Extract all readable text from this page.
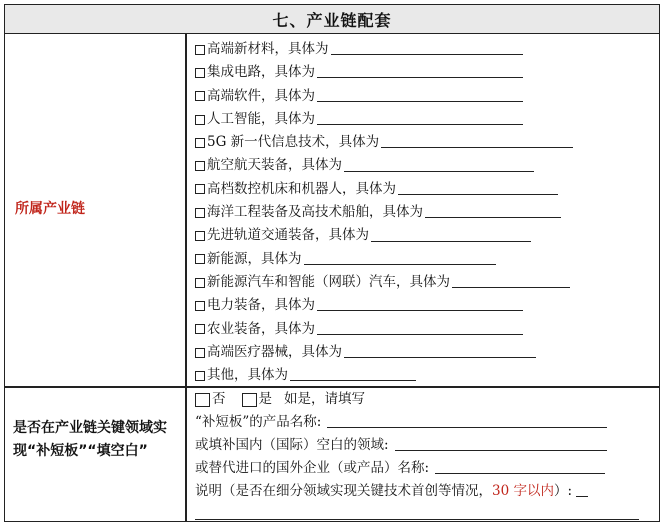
七、产业链配套
所属产业链
高端新材料，具体为
集成电路，具体为
高端软件，具体为
人工智能，具体为
5G 新一代信息技术，具体为
航空航天装备，具体为
高档数控机床和机器人，具体为
海洋工程装备及高技术船舶，具体为
先进轨道交通装备，具体为
新能源，具体为
新能源汽车和智能（网联）汽车，具体为
电力装备，具体为
农业装备，具体为
高端医疗器械，具体为
其他，具体为
是否在产业链关键领域实现“补短板”“填空白”
否 是 如是，请填写
“补短板”的产品名称:
或填补国内（国际）空白的领域:
或替代进口的国外企业（或产品）名称:
说明（是否在细分领域实现关键技术首创等情况， 30 字以内 ）:
